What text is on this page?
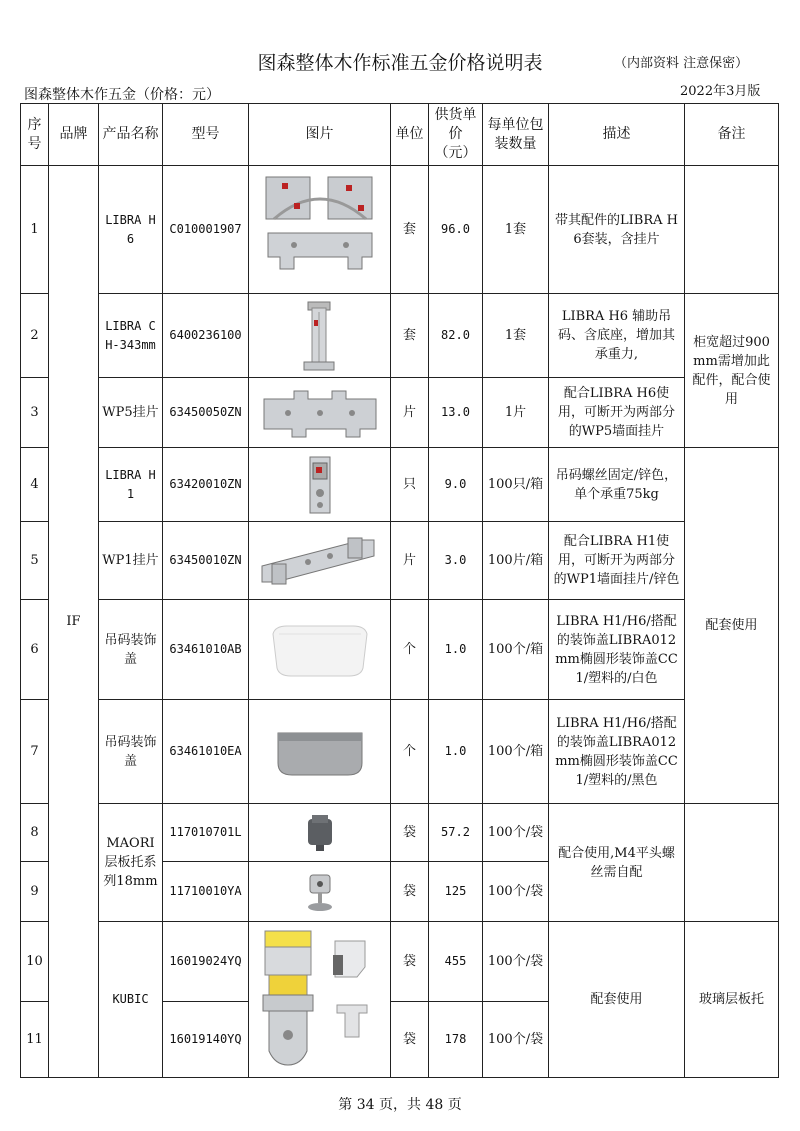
图森整体木作标准五金价格说明表	（内部资料 注意保密）
图森整体木作五金（价格：元）	2022年3月版
序号	品牌	产品名称	型号	图片	单位	供货单价（元）	每单位包装数量	描述	备注
1	IF	LIBRA H6	C010001907		套	96.0	1套	带其配件的LIBRA H6套装，含挂片	
2		LIBRA CH-343mm	6400236100		套	82.0	1套	LIBRA H6 辅助吊码、含底座，增加其承重力,	柜宽超过900mm需增加此配件，配合使用
3		WP5挂片	63450050ZN		片	13.0	1片	配合LIBRA H6使用，可断开为两部分的WP5墙面挂片	
4		LIBRA H1	63420010ZN		只	9.0	100只/箱	吊码螺丝固定/锌色，单个承重75kg	配套使用
5		WP1挂片	63450010ZN		片	3.0	100片/箱	配合LIBRA H1使用，可断开为两部分的WP1墙面挂片/锌色	
6		吊码装饰盖	63461010AB		个	1.0	100个/箱	LIBRA H1/H6/搭配的装饰盖LIBRA012mm椭圆形装饰盖CC1/塑料的/白色	
7		吊码装饰盖	63461010EA		个	1.0	100个/箱	LIBRA H1/H6/搭配的装饰盖LIBRA012mm椭圆形装饰盖CC1/塑料的/黑色	
8		MAORI层板托系列18mm	117010701L		袋	57.2	100个/袋	配合使用,M4平头螺丝需自配	
9			11710010YA		袋	125	100个/袋		
10		KUBIC	16019024YQ		袋	455	100个/袋	配套使用	玻璃层板托
11			16019140YQ		袋	178	100个/袋		
第 34 页，共 48 页
